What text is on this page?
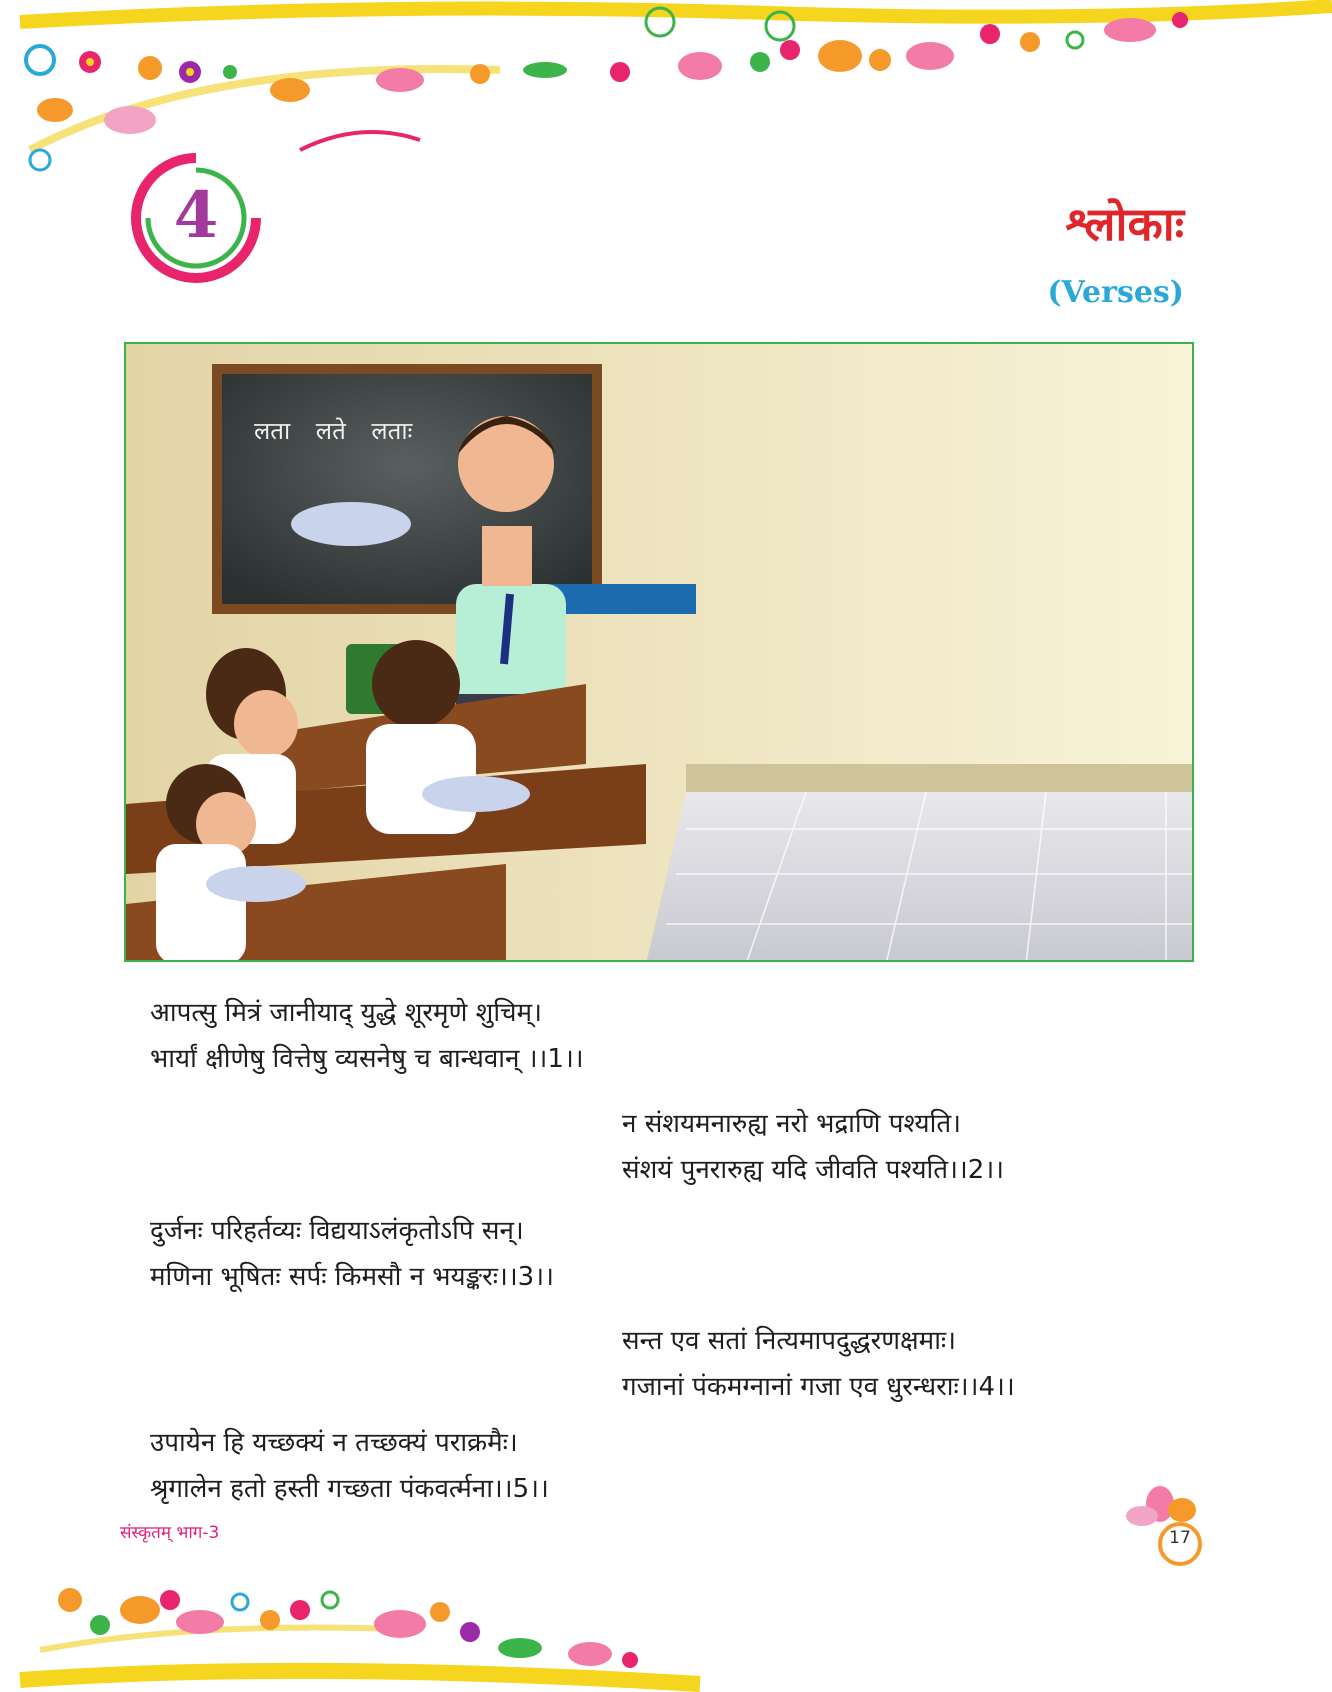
4	श्लोकाः
(Verses)
लता लते लताः
आपत्सु मित्रं जानीयाद् युद्धे शूरमृणे शुचिम्।
भार्यां क्षीणेषु वित्तेषु व्यसनेषु च बान्धवान् ।।1।।
न संशयमनारुह्य नरो भद्राणि पश्यति।
संशयं पुनरारुह्य यदि जीवति पश्यति।।2।।
दुर्जनः परिहर्तव्यः विद्ययाऽलंकृतोऽपि सन्।
मणिना भूषितः सर्पः किमसौ न भयङ्करः।।3।।
सन्त एव सतां नित्यमापदुद्धरणक्षमाः।
गजानां पंकमग्नानां गजा एव धुरन्धराः।।4।।
उपायेन हि यच्छक्यं न तच्छक्यं पराक्रमैः।
श्रृगालेन हतो हस्ती गच्छता पंकवर्त्मना।।5।।
संस्कृतम् भाग-3	17
